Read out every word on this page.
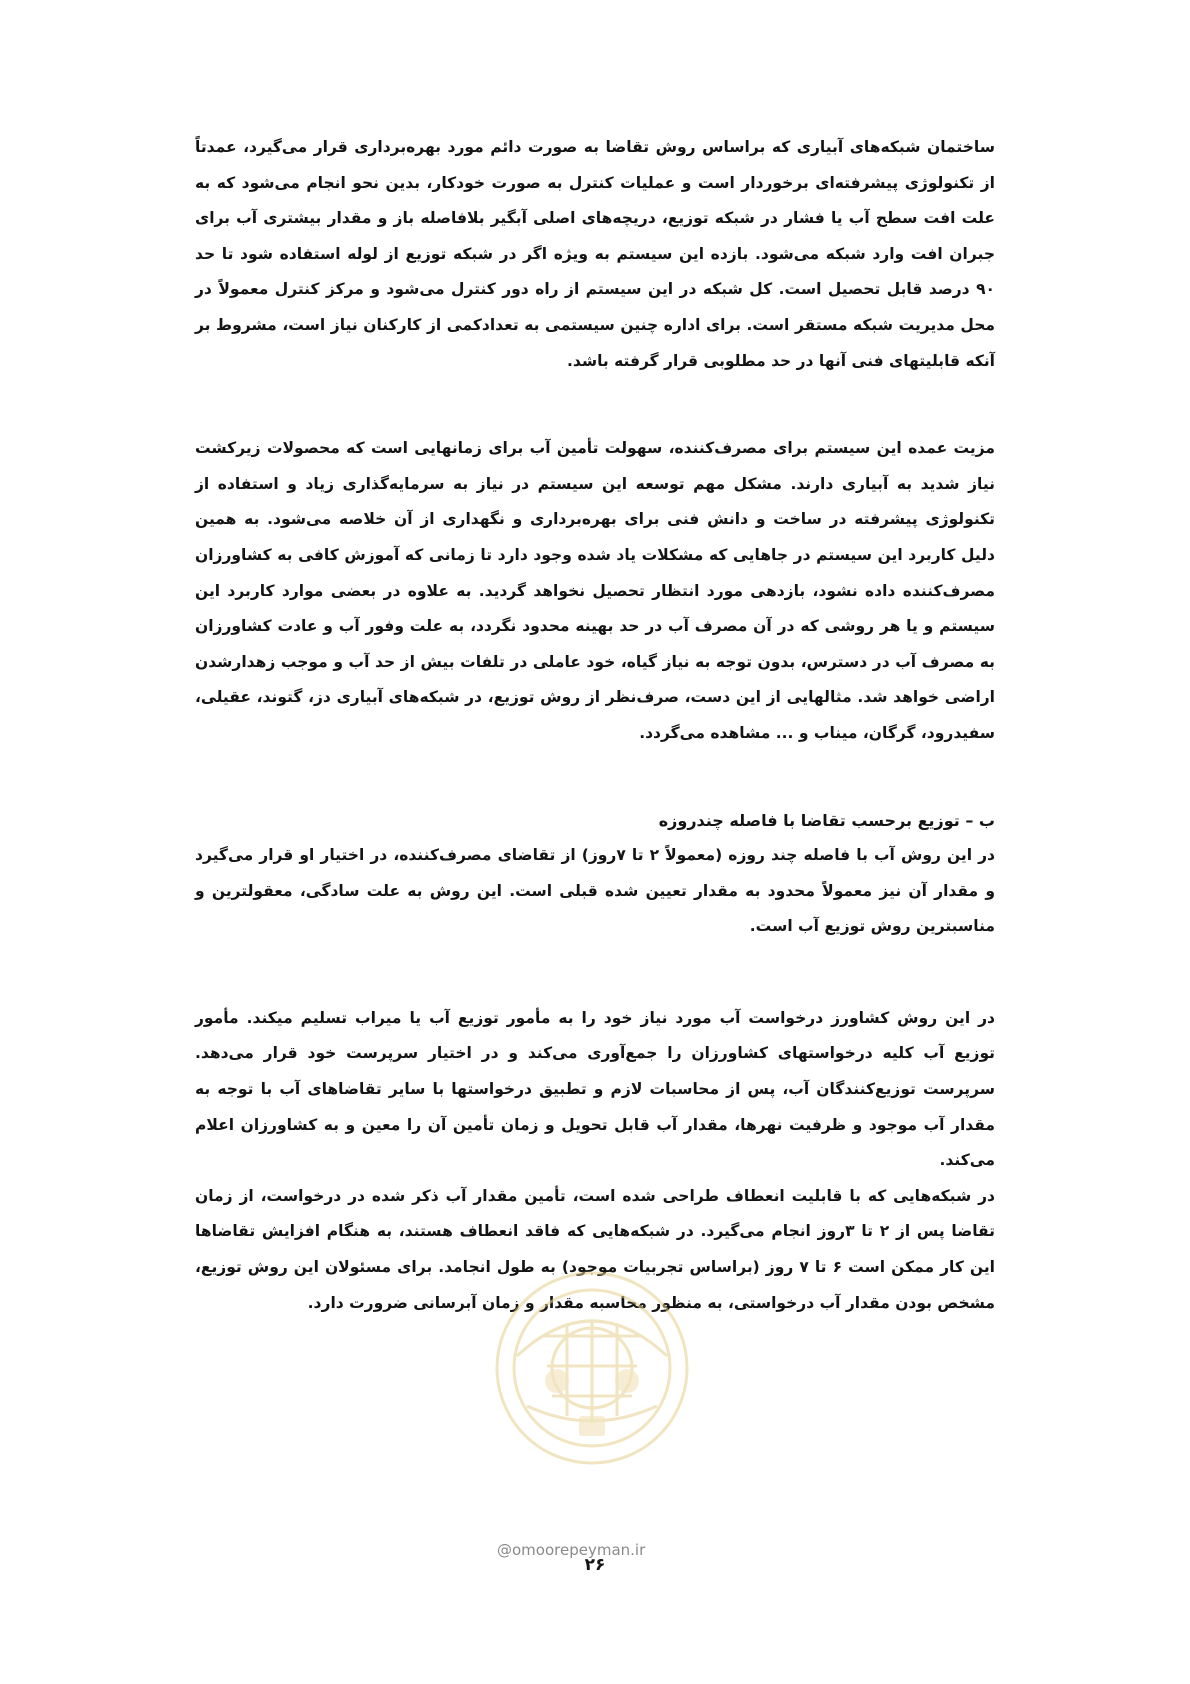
ساختمان شبکه‌های آبیاری که براساس روش تقاضا به صورت دائم مورد بهره‌برداری قرار می‌گیرد، عمدتاً از تکنولوژی پیشرفته‌ای برخوردار است و عملیات کنترل به صورت خودکار، بدین نحو انجام می‌شود که به علت افت سطح آب یا فشار در شبکه توزیع، دریچه‌های اصلی آبگیر بلافاصله باز و مقدار بیشتری آب برای جبران افت وارد شبکه می‌شود. بازده این سیستم به ویژه اگر در شبکه توزیع از لوله استفاده شود تا حد ۹۰ درصد قابل تحصیل است. کل شبکه در این سیستم از راه دور کنترل می‌شود و مرکز کنترل معمولاً در محل مدیریت شبکه مستقر است. برای اداره چنین سیستمی به تعدادکمی از کارکنان نیاز است، مشروط بر آنکه قابلیتهای فنی آنها در حد مطلوبی قرار گرفته باشد.

مزیت عمده این سیستم برای مصرف‌کننده، سهولت تأمین آب برای زمانهایی است که محصولات زیرکشت نیاز شدید به آبیاری دارند. مشکل مهم توسعه این سیستم در نیاز به سرمایه‌گذاری زیاد و استفاده از تکنولوژی پیشرفته در ساخت و دانش فنی برای بهره‌برداری و نگهداری از آن خلاصه می‌شود. به همین دلیل کاربرد این سیستم در جاهایی که مشکلات یاد شده وجود دارد تا زمانی که آموزش کافی به کشاورزان مصرف‌کننده داده نشود، بازدهی مورد انتظار تحصیل نخواهد گردید. به علاوه در بعضی موارد کاربرد این سیستم و یا هر روشی که در آن مصرف آب در حد بهینه محدود نگردد، به علت وفور آب و عادت کشاورزان به مصرف آب در دسترس، بدون توجه به نیاز گیاه، خود عاملی در تلفات بیش از حد آب و موجب زهدارشدن اراضی خواهد شد. مثالهایی از این دست، صرف‌نظر از روش توزیع، در شبکه‌های آبیاری دز، گتوند، عقیلی، سفیدرود، گرگان، میناب و ... مشاهده می‌گردد.

ب – توزیع برحسب تقاضا با فاصله چندروزه

در این روش آب با فاصله چند روزه (معمولاً ۲ تا ۷روز) از تقاضای مصرف‌کننده، در اختیار او قرار می‌گیرد و مقدار آن نیز معمولاً محدود به مقدار تعیین شده قبلی است. این روش به علت سادگی، معقولترین و مناسبترین روش توزیع آب است.

در این روش کشاورز درخواست آب مورد نیاز خود را به مأمور توزیع آب یا میراب تسلیم میکند. مأمور توزیع آب کلیه درخواستهای کشاورزان را جمع‌آوری می‌کند و در اختیار سرپرست خود قرار می‌دهد. سرپرست توزیع‌کنندگان آب، پس از محاسبات لازم و تطبیق درخواستها با سایر تقاضاهای آب با توجه به مقدار آب موجود و ظرفیت نهرها، مقدار آب قابل تحویل و زمان تأمین آن را معین و به کشاورزان اعلام می‌کند.

در شبکه‌هایی که با قابلیت انعطاف طراحی شده است، تأمین مقدار آب ذکر شده در درخواست، از زمان تقاضا پس از ۲ تا ۳روز انجام می‌گیرد. در شبکه‌هایی که فاقد انعطاف هستند، به هنگام افزایش تقاضاها این کار ممکن است ۶ تا ۷ روز (براساس تجربیات موجود) به طول انجامد. برای مسئولان این روش توزیع، مشخص بودن مقدار آب درخواستی، به منظور محاسبه مقدار و زمان آبرسانی ضرورت دارد.

@omoorepeyman.ir
۲۶
